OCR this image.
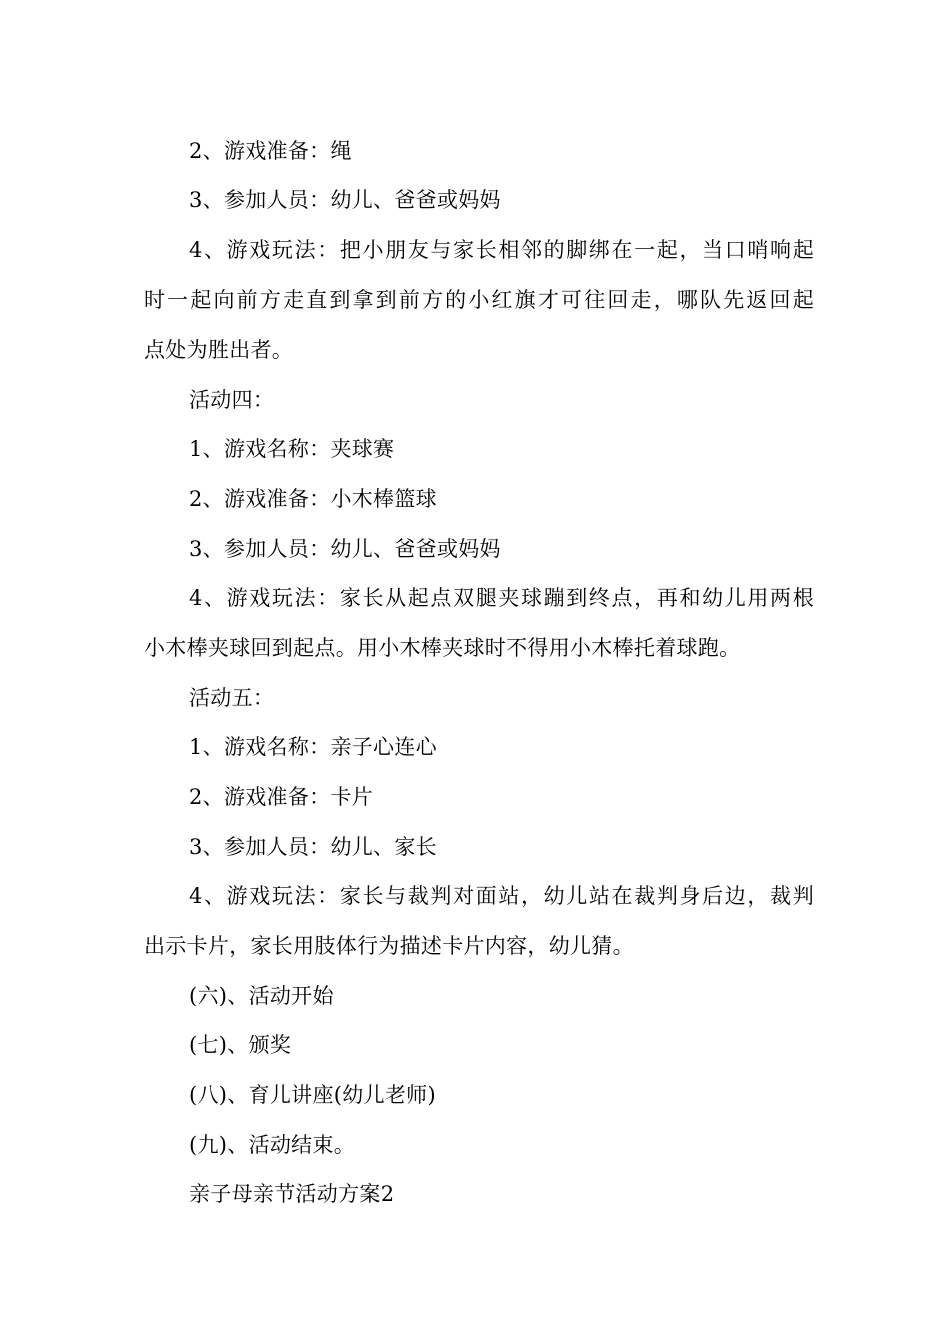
2、游戏准备：绳
3、参加人员：幼儿、爸爸或妈妈
4、游戏玩法：把小朋友与家长相邻的脚绑在一起，当口哨响起
时一起向前方走直到拿到前方的小红旗才可往回走，哪队先返回起
点处为胜出者。
活动四：
1、游戏名称：夹球赛
2、游戏准备：小木棒篮球
3、参加人员：幼儿、爸爸或妈妈
4、游戏玩法：家长从起点双腿夹球蹦到终点，再和幼儿用两根
小木棒夹球回到起点。用小木棒夹球时不得用小木棒托着球跑。
活动五：
1、游戏名称：亲子心连心
2、游戏准备：卡片
3、参加人员：幼儿、家长
4、游戏玩法：家长与裁判对面站，幼儿站在裁判身后边，裁判
出示卡片，家长用肢体行为描述卡片内容，幼儿猜。
(六)、活动开始
(七)、颁奖
(八)、育儿讲座(幼儿老师)
(九)、活动结束。
亲子母亲节活动方案2
